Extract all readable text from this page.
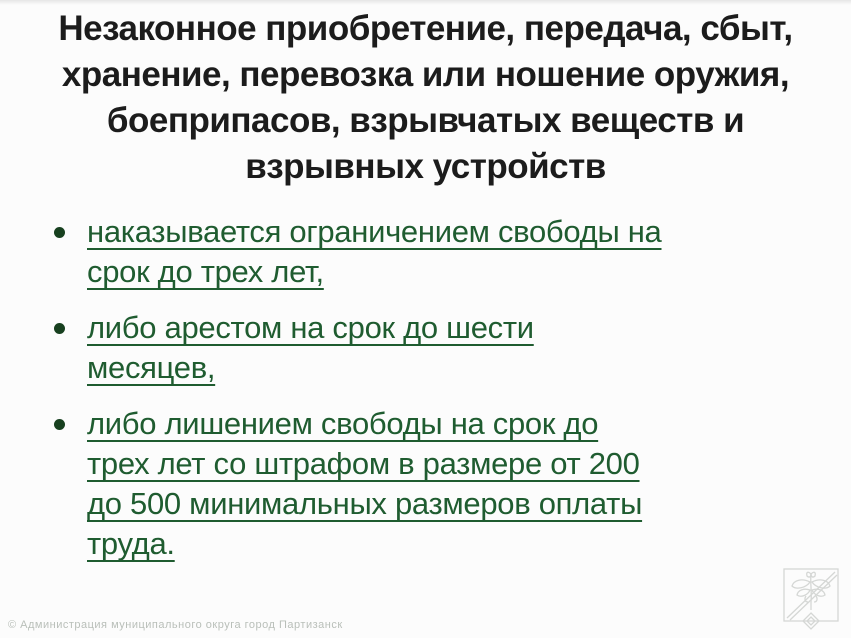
Незаконное приобретение, передача, сбыт,
хранение, перевозка или ношение оружия,
боеприпасов, взрывчатых веществ и
взрывных устройств
наказывается ограничением свободы на
срок до трех лет,
либо арестом на срок до шести
месяцев,
либо лишением свободы на срок до
трех лет со штрафом в размере от 200
до 500 минимальных размеров оплаты
труда.
© Администрация муниципального округа город Партизанск
